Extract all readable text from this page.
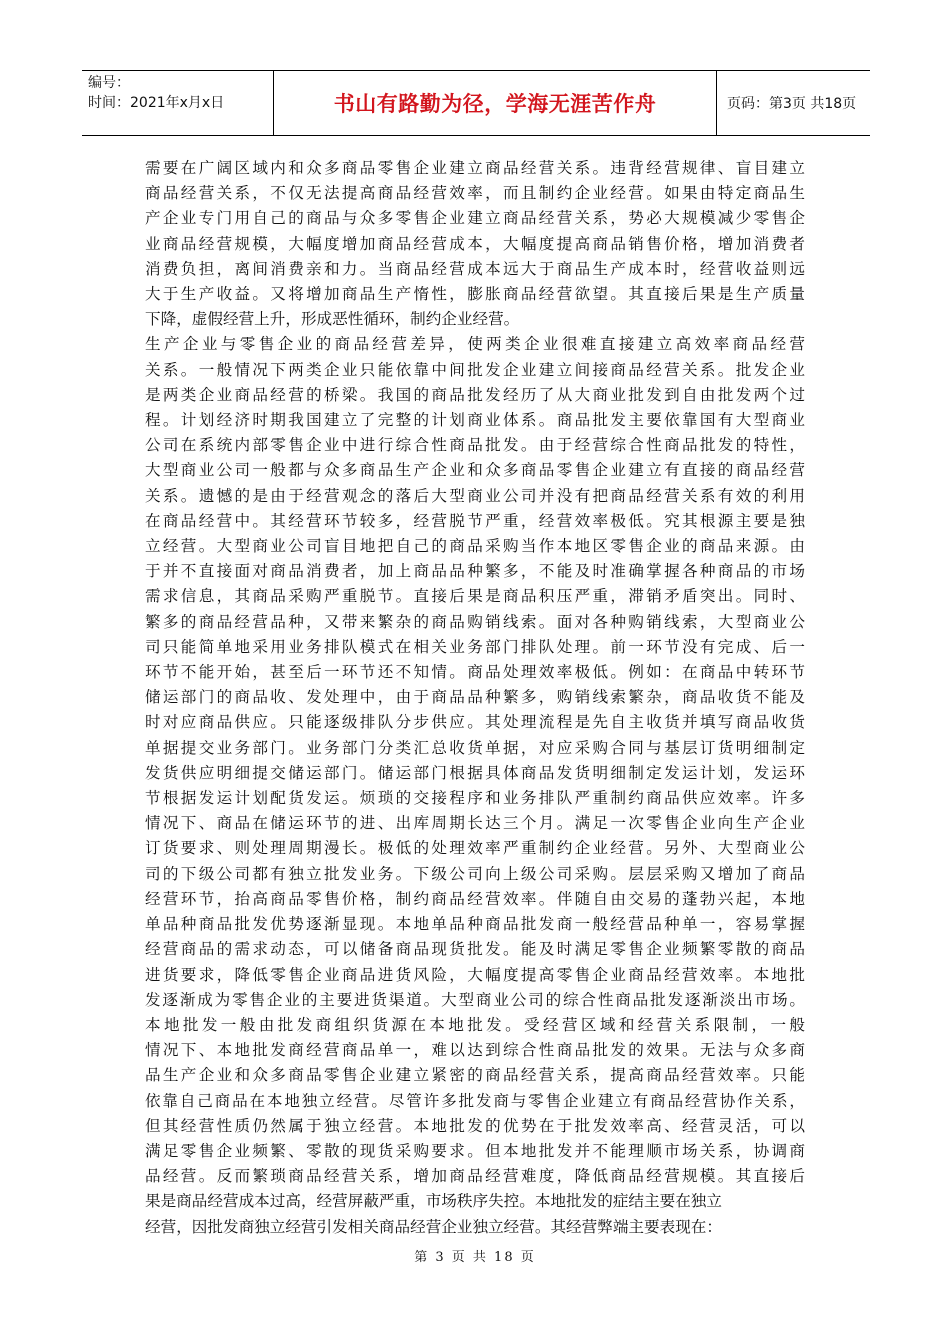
编号：
时间：2021年x月x日	书山有路勤为径，学海无涯苦作舟	页码：第3页 共18页
需要在广阔区域内和众多商品零售企业建立商品经营关系。违背经营规律、盲目建立
商品经营关系，不仅无法提高商品经营效率，而且制约企业经营。如果由特定商品生
产企业专门用自己的商品与众多零售企业建立商品经营关系，势必大规模减少零售企
业商品经营规模，大幅度增加商品经营成本，大幅度提高商品销售价格，增加消费者
消费负担，离间消费亲和力。当商品经营成本远大于商品生产成本时，经营收益则远
大于生产收益。又将增加商品生产惰性，膨胀商品经营欲望。其直接后果是生产质量
下降，虚假经营上升，形成恶性循环，制约企业经营。
生产企业与零售企业的商品经营差异，使两类企业很难直接建立高效率商品经营
关系。一般情况下两类企业只能依靠中间批发企业建立间接商品经营关系。批发企业
是两类企业商品经营的桥梁。我国的商品批发经历了从大商业批发到自由批发两个过
程。计划经济时期我国建立了完整的计划商业体系。商品批发主要依靠国有大型商业
公司在系统内部零售企业中进行综合性商品批发。由于经营综合性商品批发的特性，
大型商业公司一般都与众多商品生产企业和众多商品零售企业建立有直接的商品经营
关系。遗憾的是由于经营观念的落后大型商业公司并没有把商品经营关系有效的利用
在商品经营中。其经营环节较多，经营脱节严重，经营效率极低。究其根源主要是独
立经营。大型商业公司盲目地把自己的商品采购当作本地区零售企业的商品来源。由
于并不直接面对商品消费者，加上商品品种繁多，不能及时准确掌握各种商品的市场
需求信息，其商品采购严重脱节。直接后果是商品积压严重，滞销矛盾突出。同时、
繁多的商品经营品种，又带来繁杂的商品购销线索。面对各种购销线索，大型商业公
司只能简单地采用业务排队模式在相关业务部门排队处理。前一环节没有完成、后一
环节不能开始，甚至后一环节还不知情。商品处理效率极低。例如：在商品中转环节
储运部门的商品收、发处理中，由于商品品种繁多，购销线索繁杂，商品收货不能及
时对应商品供应。只能逐级排队分步供应。其处理流程是先自主收货并填写商品收货
单据提交业务部门。业务部门分类汇总收货单据，对应采购合同与基层订货明细制定
发货供应明细提交储运部门。储运部门根据具体商品发货明细制定发运计划，发运环
节根据发运计划配货发运。烦琐的交接程序和业务排队严重制约商品供应效率。许多
情况下、商品在储运环节的进、出库周期长达三个月。满足一次零售企业向生产企业
订货要求、则处理周期漫长。极低的处理效率严重制约企业经营。另外、大型商业公
司的下级公司都有独立批发业务。下级公司向上级公司采购。层层采购又增加了商品
经营环节，抬高商品零售价格，制约商品经营效率。伴随自由交易的蓬勃兴起，本地
单品种商品批发优势逐渐显现。本地单品种商品批发商一般经营品种单一，容易掌握
经营商品的需求动态，可以储备商品现货批发。能及时满足零售企业频繁零散的商品
进货要求，降低零售企业商品进货风险，大幅度提高零售企业商品经营效率。本地批
发逐渐成为零售企业的主要进货渠道。大型商业公司的综合性商品批发逐渐淡出市场。
本地批发一般由批发商组织货源在本地批发。受经营区域和经营关系限制，一般
情况下、本地批发商经营商品单一，难以达到综合性商品批发的效果。无法与众多商
品生产企业和众多商品零售企业建立紧密的商品经营关系，提高商品经营效率。只能
依靠自己商品在本地独立经营。尽管许多批发商与零售企业建立有商品经营协作关系，
但其经营性质仍然属于独立经营。本地批发的优势在于批发效率高、经营灵活，可以
满足零售企业频繁、零散的现货采购要求。但本地批发并不能理顺市场关系，协调商
品经营。反而繁琐商品经营关系，增加商品经营难度，降低商品经营规模。其直接后
果是商品经营成本过高，经营屏蔽严重，市场秩序失控。本地批发的症结主要在独立
经营，因批发商独立经营引发相关商品经营企业独立经营。其经营弊端主要表现在：
第 3 页 共 18 页
